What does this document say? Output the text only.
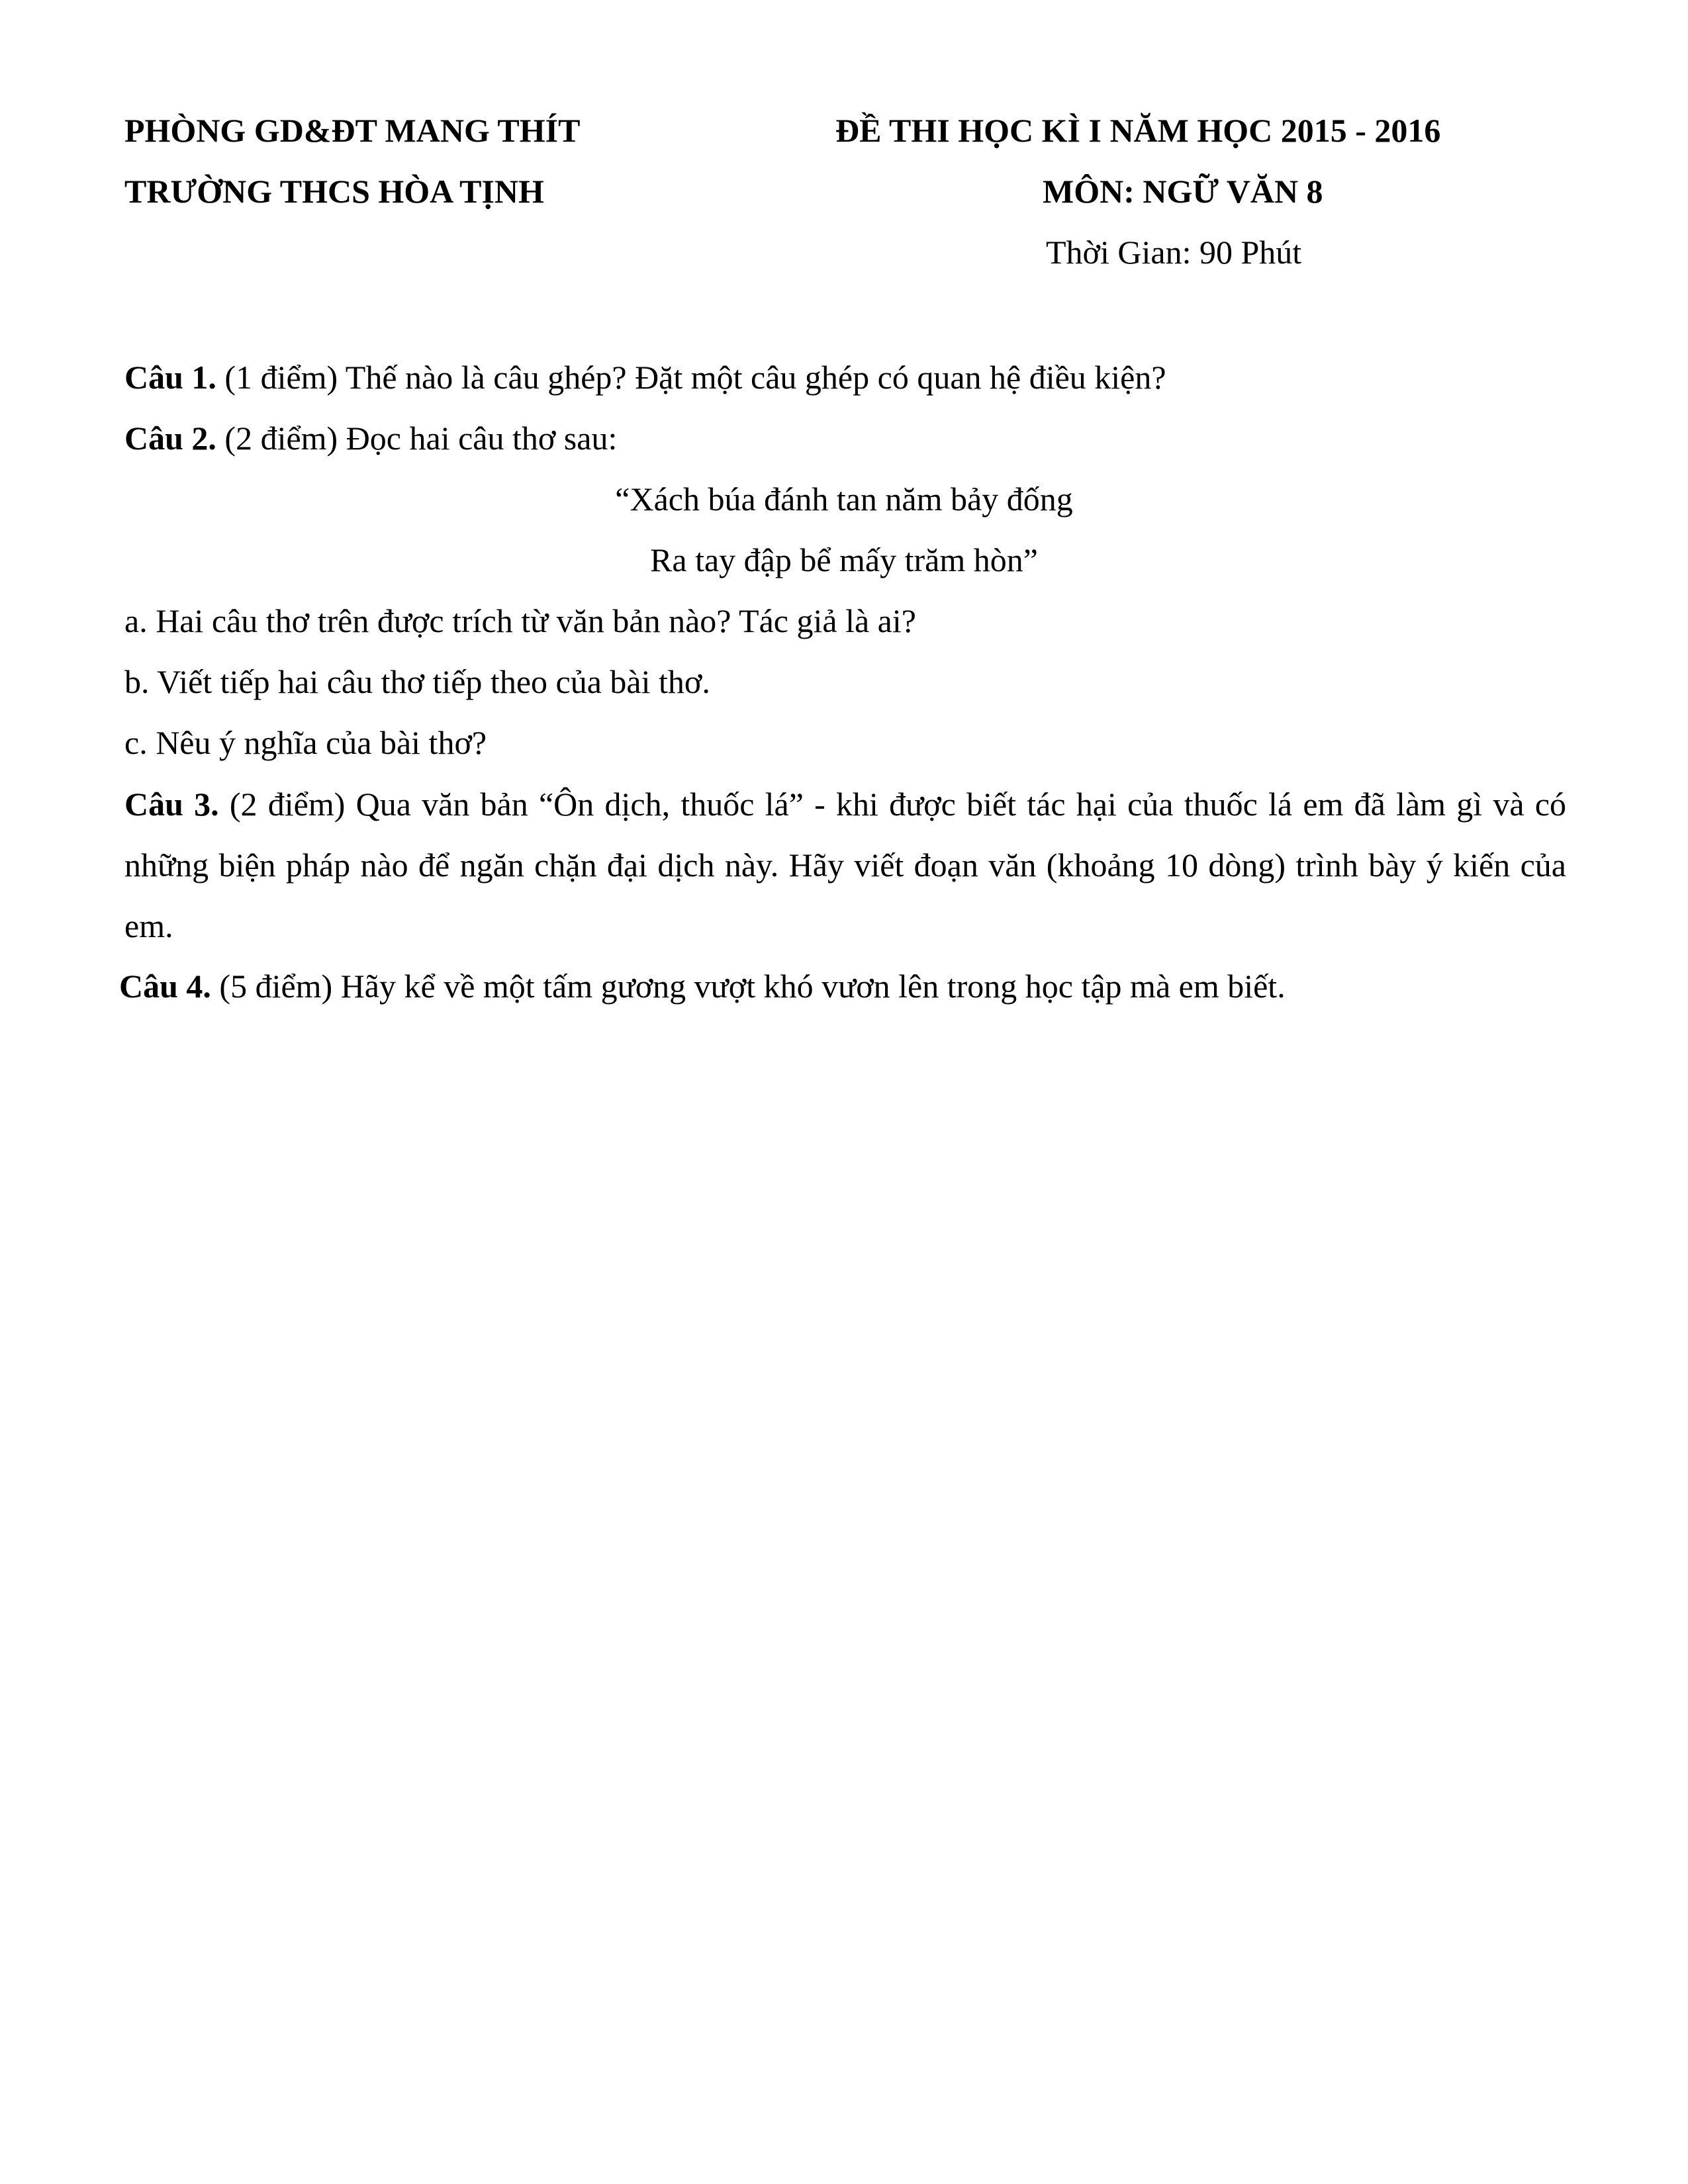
PHÒNG GD&ĐT MANG THÍT
TRƯỜNG THCS HÒA TỊNH
ĐỀ THI HỌC KÌ I NĂM HỌC 2015 - 2016
MÔN: NGỮ VĂN 8
Thời Gian: 90 Phút
Câu 1. (1 điểm) Thế nào là câu ghép? Đặt một câu ghép có quan hệ điều kiện?
Câu 2. (2 điểm) Đọc hai câu thơ sau:
“Xách búa đánh tan năm bảy đống
Ra tay đập bể mấy trăm hòn”
a. Hai câu thơ trên được trích từ văn bản nào? Tác giả là ai?
b. Viết tiếp hai câu thơ tiếp theo của bài thơ.
c. Nêu ý nghĩa của bài thơ?
Câu 3. (2 điểm) Qua văn bản “Ôn dịch, thuốc lá” - khi được biết tác hại của thuốc lá em đã làm gì và có những biện pháp nào để ngăn chặn đại dịch này. Hãy viết đoạn văn (khoảng 10 dòng) trình bày ý kiến của em.
Câu 4. (5 điểm) Hãy kể về một tấm gương vượt khó vươn lên trong học tập mà em biết.
